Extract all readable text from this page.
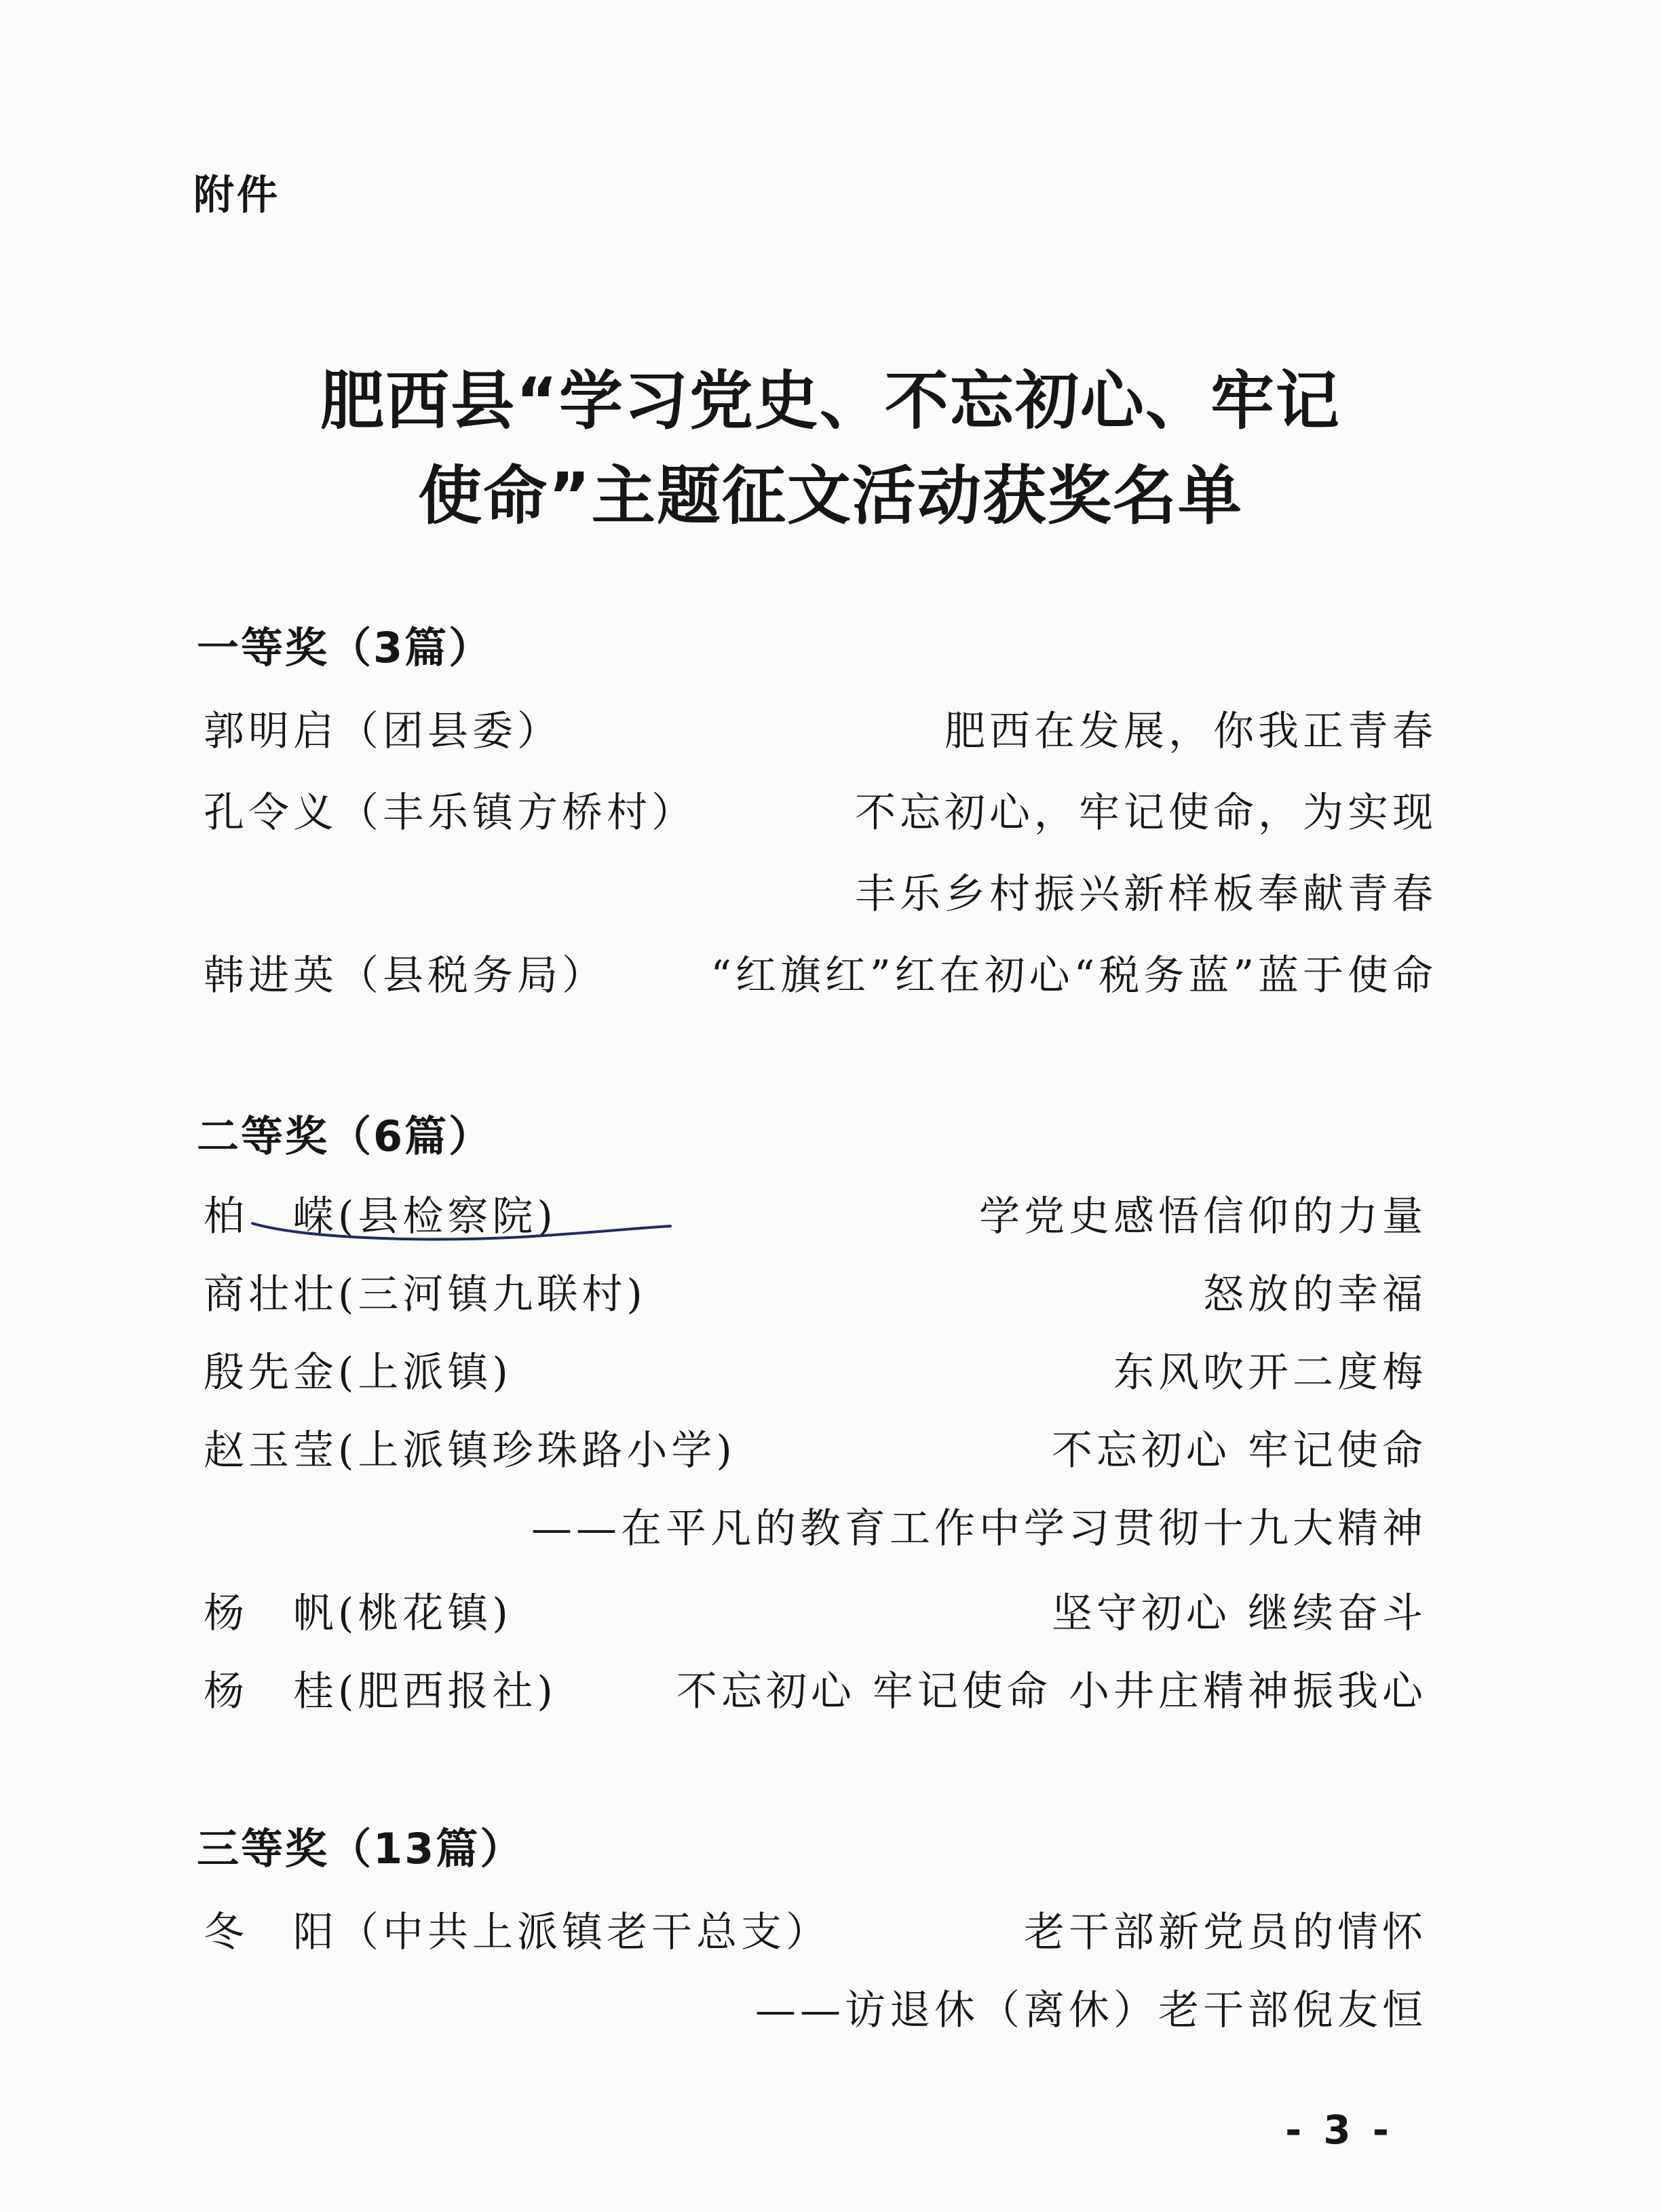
附件
肥西县“学习党史、不忘初心、牢记
使命”主题征文活动获奖名单
一等奖（3篇）
郭明启（团县委）	肥西在发展，你我正青春
孔令义（丰乐镇方桥村）	不忘初心，牢记使命，为实现
丰乐乡村振兴新样板奉献青春
韩进英（县税务局）	“红旗红”红在初心“税务蓝”蓝于使命
二等奖（6篇）
柏　嵘(县检察院)	学党史感悟信仰的力量
商壮壮(三河镇九联村)	怒放的幸福
殷先金(上派镇)	东风吹开二度梅
赵玉莹(上派镇珍珠路小学)	不忘初心 牢记使命
——在平凡的教育工作中学习贯彻十九大精神
杨　帆(桃花镇)	坚守初心 继续奋斗
杨　桂(肥西报社)	不忘初心 牢记使命 小井庄精神振我心
三等奖（13篇）
冬　阳（中共上派镇老干总支）	老干部新党员的情怀
——访退休（离休）老干部倪友恒
- 3 -
